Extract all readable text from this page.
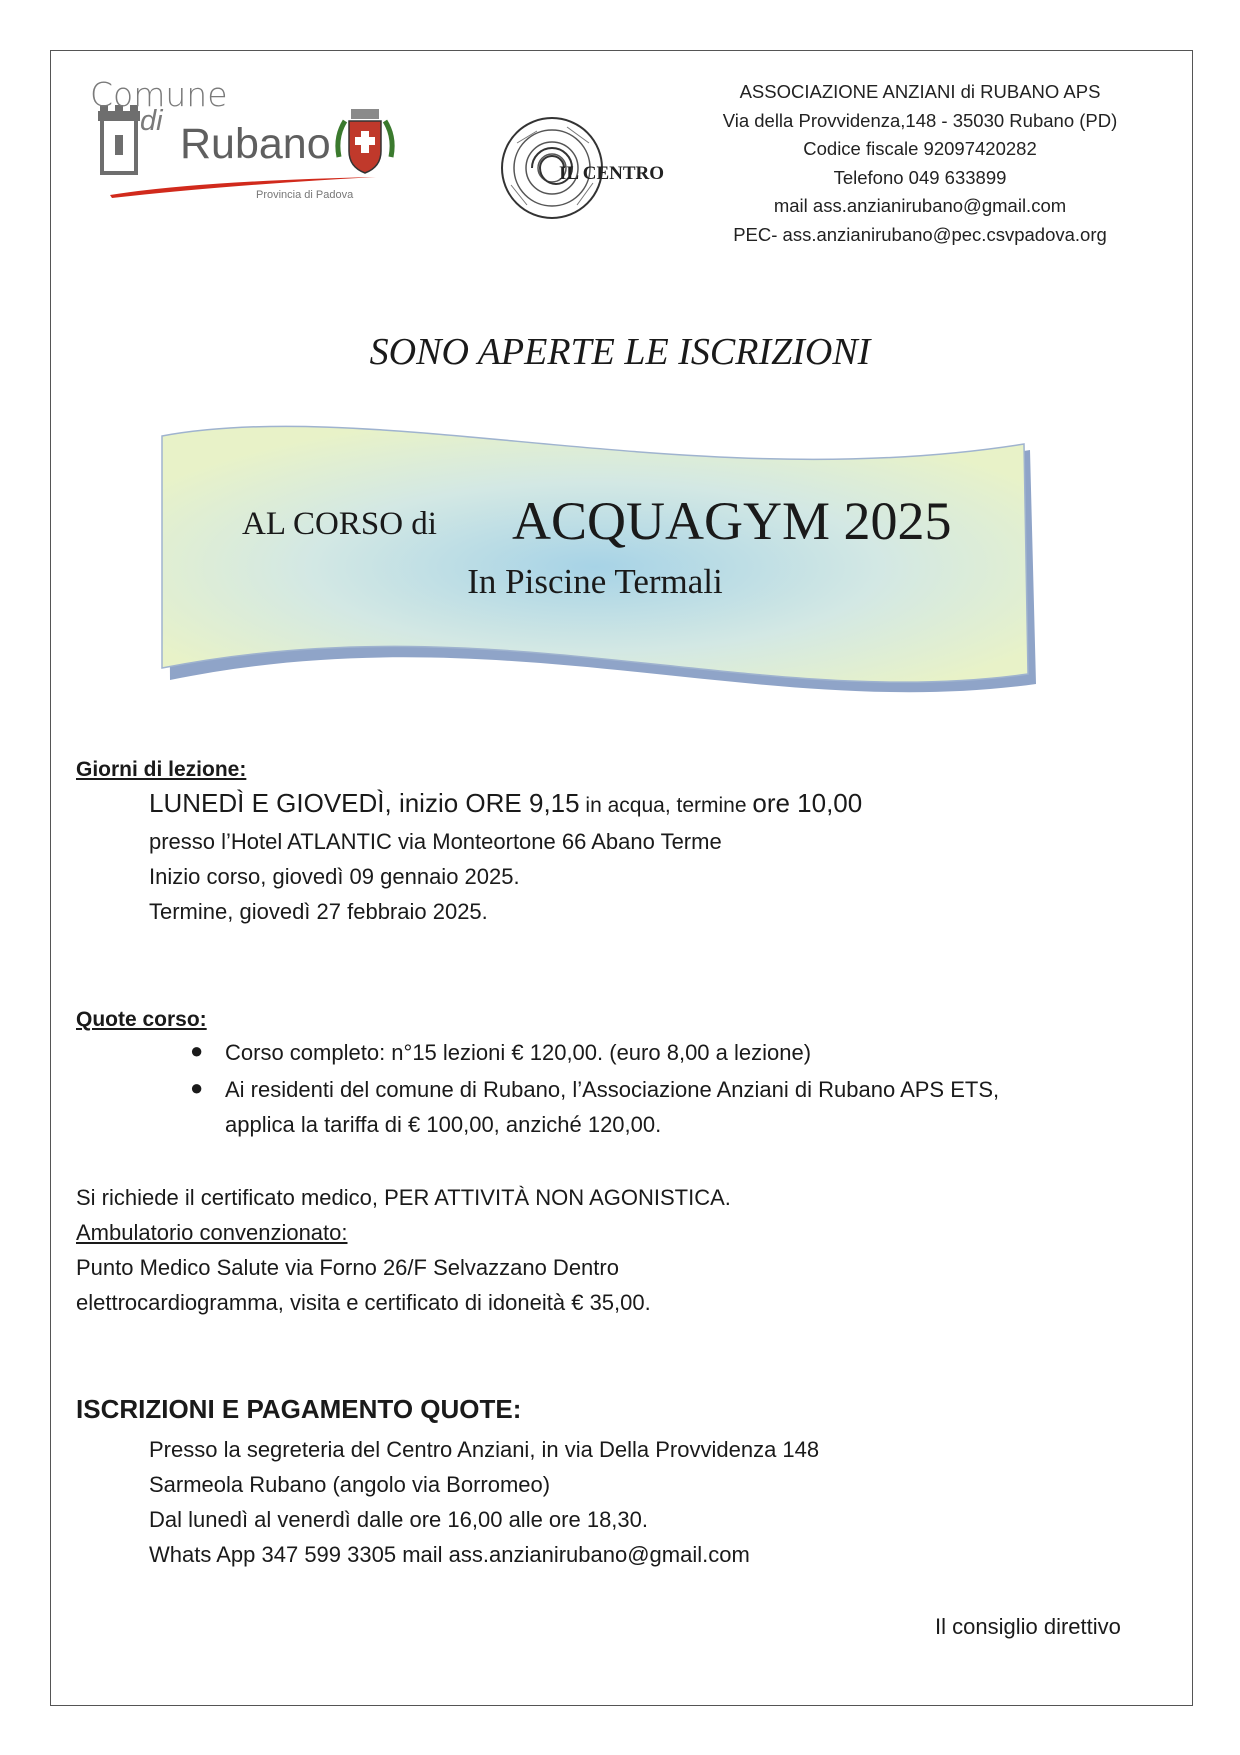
Comune
di Rubano
Provincia di Padova
IL CENTRO
ASSOCIAZIONE ANZIANI di RUBANO APS
Via della Provvidenza,148 - 35030 Rubano (PD)
Codice fiscale 92097420282
Telefono 049 633899
mail ass.anzianirubano@gmail.com
PEC- ass.anzianirubano@pec.csvpadova.org
SONO APERTE LE ISCRIZIONI
AL CORSO di ACQUAGYM 2025
In Piscine Termali
Giorni di lezione:
LUNEDÌ E GIOVEDÌ, inizio ORE 9,15 in acqua, termine ore 10,00
presso l’Hotel ATLANTIC via Monteortone 66 Abano Terme
Inizio corso, giovedì 09 gennaio 2025.
Termine, giovedì 27 febbraio 2025.
Quote corso:
● Corso completo: n°15 lezioni € 120,00. (euro 8,00 a lezione)
● Ai residenti del comune di Rubano, l’Associazione Anziani di Rubano APS ETS,
applica la tariffa di € 100,00, anziché 120,00.
Si richiede il certificato medico, PER ATTIVITÀ NON AGONISTICA.
Ambulatorio convenzionato:
Punto Medico Salute via Forno 26/F Selvazzano Dentro
elettrocardiogramma, visita e certificato di idoneità € 35,00.
ISCRIZIONI E PAGAMENTO QUOTE:
Presso la segreteria del Centro Anziani, in via Della Provvidenza 148
Sarmeola Rubano (angolo via Borromeo)
Dal lunedì al venerdì dalle ore 16,00 alle ore 18,30.
Whats App 347 599 3305 mail ass.anzianirubano@gmail.com
Il consiglio direttivo
